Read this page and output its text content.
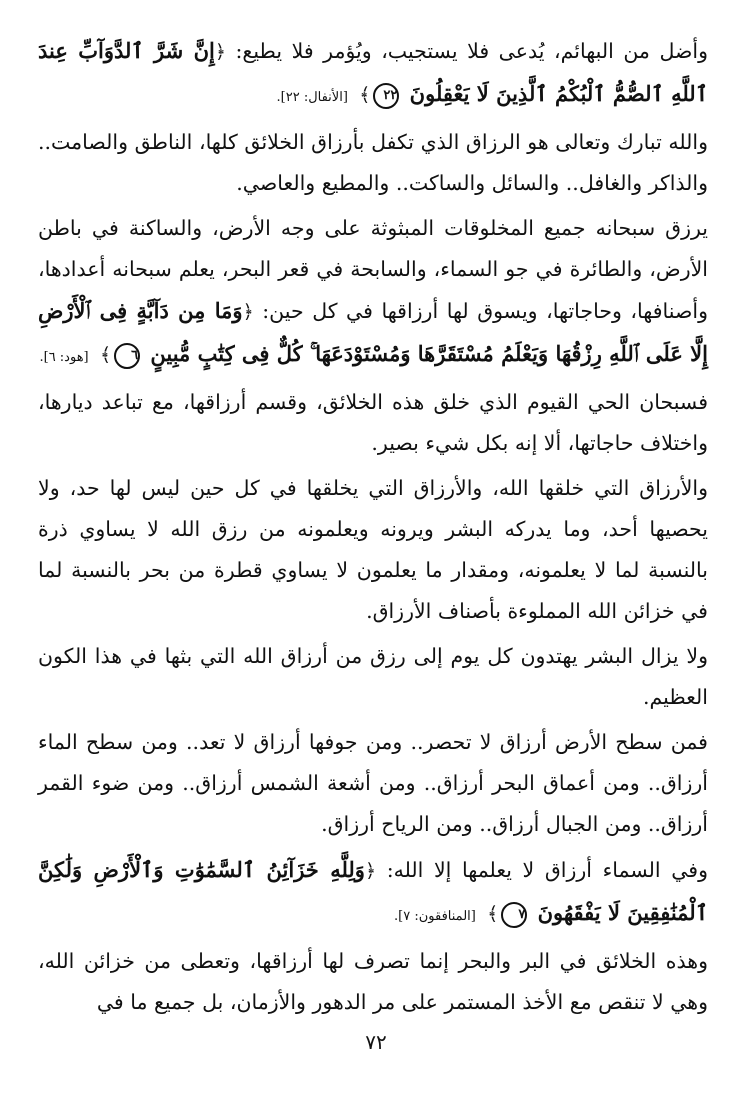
وأضل من البهائم، يُدعى فلا يستجيب، ويُؤمر فلا يطيع: ﴿إِنَّ شَرَّ ٱلدَّوَآبِّ عِندَ ٱللَّهِ ٱلصُّمُّ ٱلْبُكْمُ ٱلَّذِينَ لَا يَعْقِلُونَ ٢٢﴾ [الأنفال: ٢٢].

والله تبارك وتعالى هو الرزاق الذي تكفل بأرزاق الخلائق كلها، الناطق والصامت.. والذاكر والغافل.. والسائل والساكت.. والمطيع والعاصي.

يرزق سبحانه جميع المخلوقات المبثوثة على وجه الأرض، والساكنة في باطن الأرض، والطائرة في جو السماء، والسابحة في قعر البحر، يعلم سبحانه أعدادها، وأصنافها، وحاجاتها، ويسوق لها أرزاقها في كل حين: ﴿وَمَا مِن دَآبَّةٍ فِى ٱلْأَرْضِ إِلَّا عَلَى ٱللَّهِ رِزْقُهَا وَيَعْلَمُ مُسْتَقَرَّهَا وَمُسْتَوْدَعَهَا ۚ كُلٌّ فِى كِتَٰبٍ مُّبِينٍ ٦﴾ [هود: ٦].

فسبحان الحي القيوم الذي خلق هذه الخلائق، وقسم أرزاقها، مع تباعد ديارها، واختلاف حاجاتها، ألا إنه بكل شيء بصير.

والأرزاق التي خلقها الله، والأرزاق التي يخلقها في كل حين ليس لها حد، ولا يحصيها أحد، وما يدركه البشر ويرونه ويعلمونه من رزق الله لا يساوي ذرة بالنسبة لما لا يعلمونه، ومقدار ما يعلمون لا يساوي قطرة من بحر بالنسبة لما في خزائن الله المملوءة بأصناف الأرزاق.

ولا يزال البشر يهتدون كل يوم إلى رزق من أرزاق الله التي بثها في هذا الكون العظيم.

فمن سطح الأرض أرزاق لا تحصر.. ومن جوفها أرزاق لا تعد.. ومن سطح الماء أرزاق.. ومن أعماق البحر أرزاق.. ومن أشعة الشمس أرزاق.. ومن ضوء القمر أرزاق.. ومن الجبال أرزاق.. ومن الرياح أرزاق.

وفي السماء أرزاق لا يعلمها إلا الله: ﴿وَلِلَّهِ خَزَآئِنُ ٱلسَّمَٰوَٰتِ وَٱلْأَرْضِ وَلَٰكِنَّ ٱلْمُنَٰفِقِينَ لَا يَفْقَهُونَ ٧﴾ [المنافقون: ٧].

وهذه الخلائق في البر والبحر إنما تصرف لها أرزاقها، وتعطى من خزائن الله، وهي لا تنقص مع الأخذ المستمر على مر الدهور والأزمان، بل جميع ما في

٧٢
